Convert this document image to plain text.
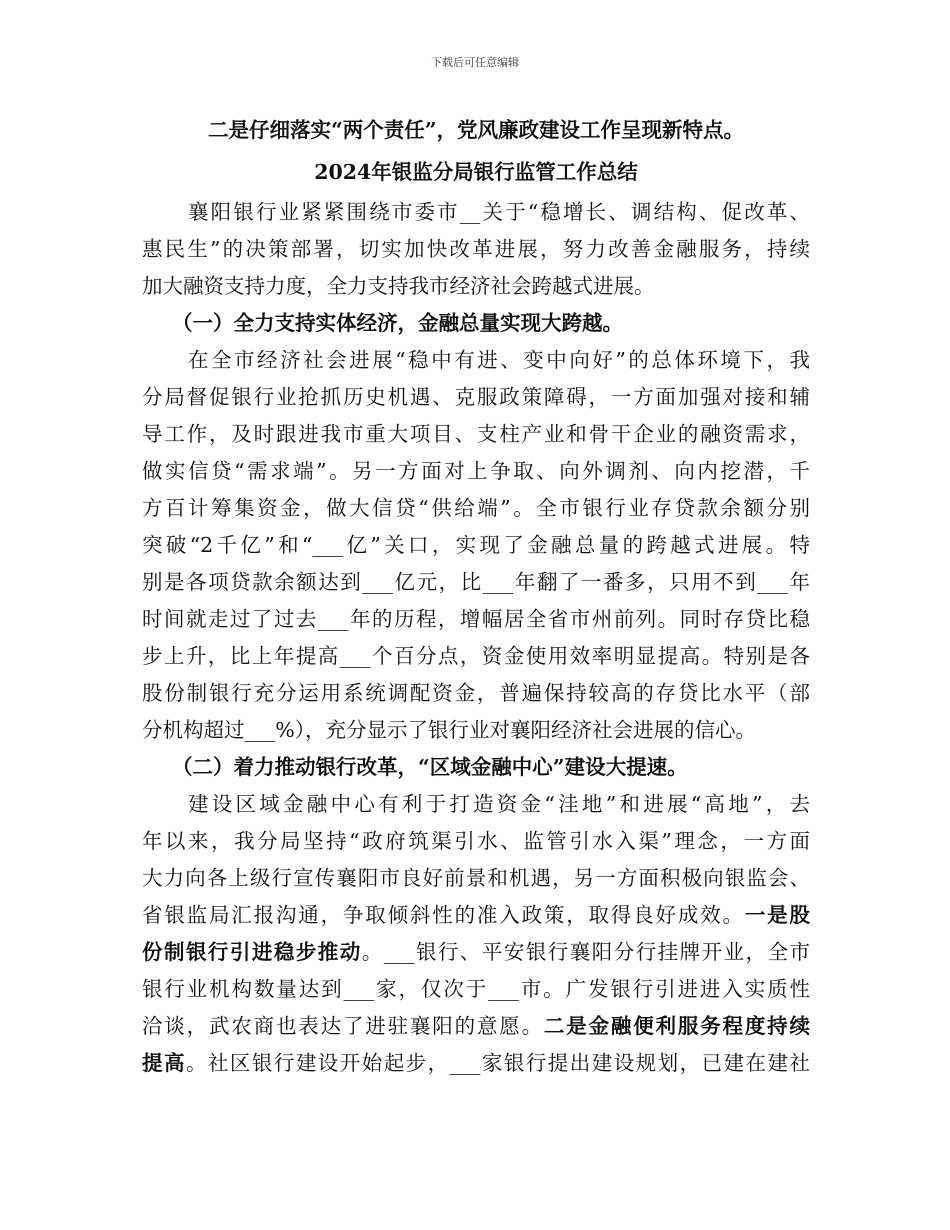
下载后可任意编辑
二是仔细落实“两个责任”，党风廉政建设工作呈现新特点。
2024年银监分局银行监管工作总结
襄阳银行业紧紧围绕市委市__关于“稳增长、调结构、促改革、
惠民生”的决策部署，切实加快改革进展，努力改善金融服务，持续
加大融资支持力度，全力支持我市经济社会跨越式进展。
（一）全力支持实体经济，金融总量实现大跨越。
在全市经济社会进展“稳中有进、变中向好”的总体环境下，我
分局督促银行业抢抓历史机遇、克服政策障碍，一方面加强对接和辅
导工作，及时跟进我市重大项目、支柱产业和骨干企业的融资需求，
做实信贷“需求端”。另一方面对上争取、向外调剂、向内挖潜，千
方百计筹集资金，做大信贷“供给端”。全市银行业存贷款余额分别
突破“2千亿”和“___亿”关口，实现了金融总量的跨越式进展。特
别是各项贷款余额达到___亿元，比___年翻了一番多，只用不到___年
时间就走过了过去___年的历程，增幅居全省市州前列。同时存贷比稳
步上升，比上年提高___个百分点，资金使用效率明显提高。特别是各
股份制银行充分运用系统调配资金，普遍保持较高的存贷比水平（部
分机构超过___%），充分显示了银行业对襄阳经济社会进展的信心。
（二）着力推动银行改革，“区域金融中心”建设大提速。
建设区域金融中心有利于打造资金“洼地”和进展“高地”，去
年以来，我分局坚持“政府筑渠引水、监管引水入渠”理念，一方面
大力向各上级行宣传襄阳市良好前景和机遇，另一方面积极向银监会、
省银监局汇报沟通，争取倾斜性的准入政策，取得良好成效。一是股
份制银行引进稳步推动。___银行、平安银行襄阳分行挂牌开业，全市
银行业机构数量达到___家，仅次于___市。广发银行引进进入实质性
洽谈，武农商也表达了进驻襄阳的意愿。二是金融便利服务程度持续
提高。社区银行建设开始起步，___家银行提出建设规划，已建在建社
